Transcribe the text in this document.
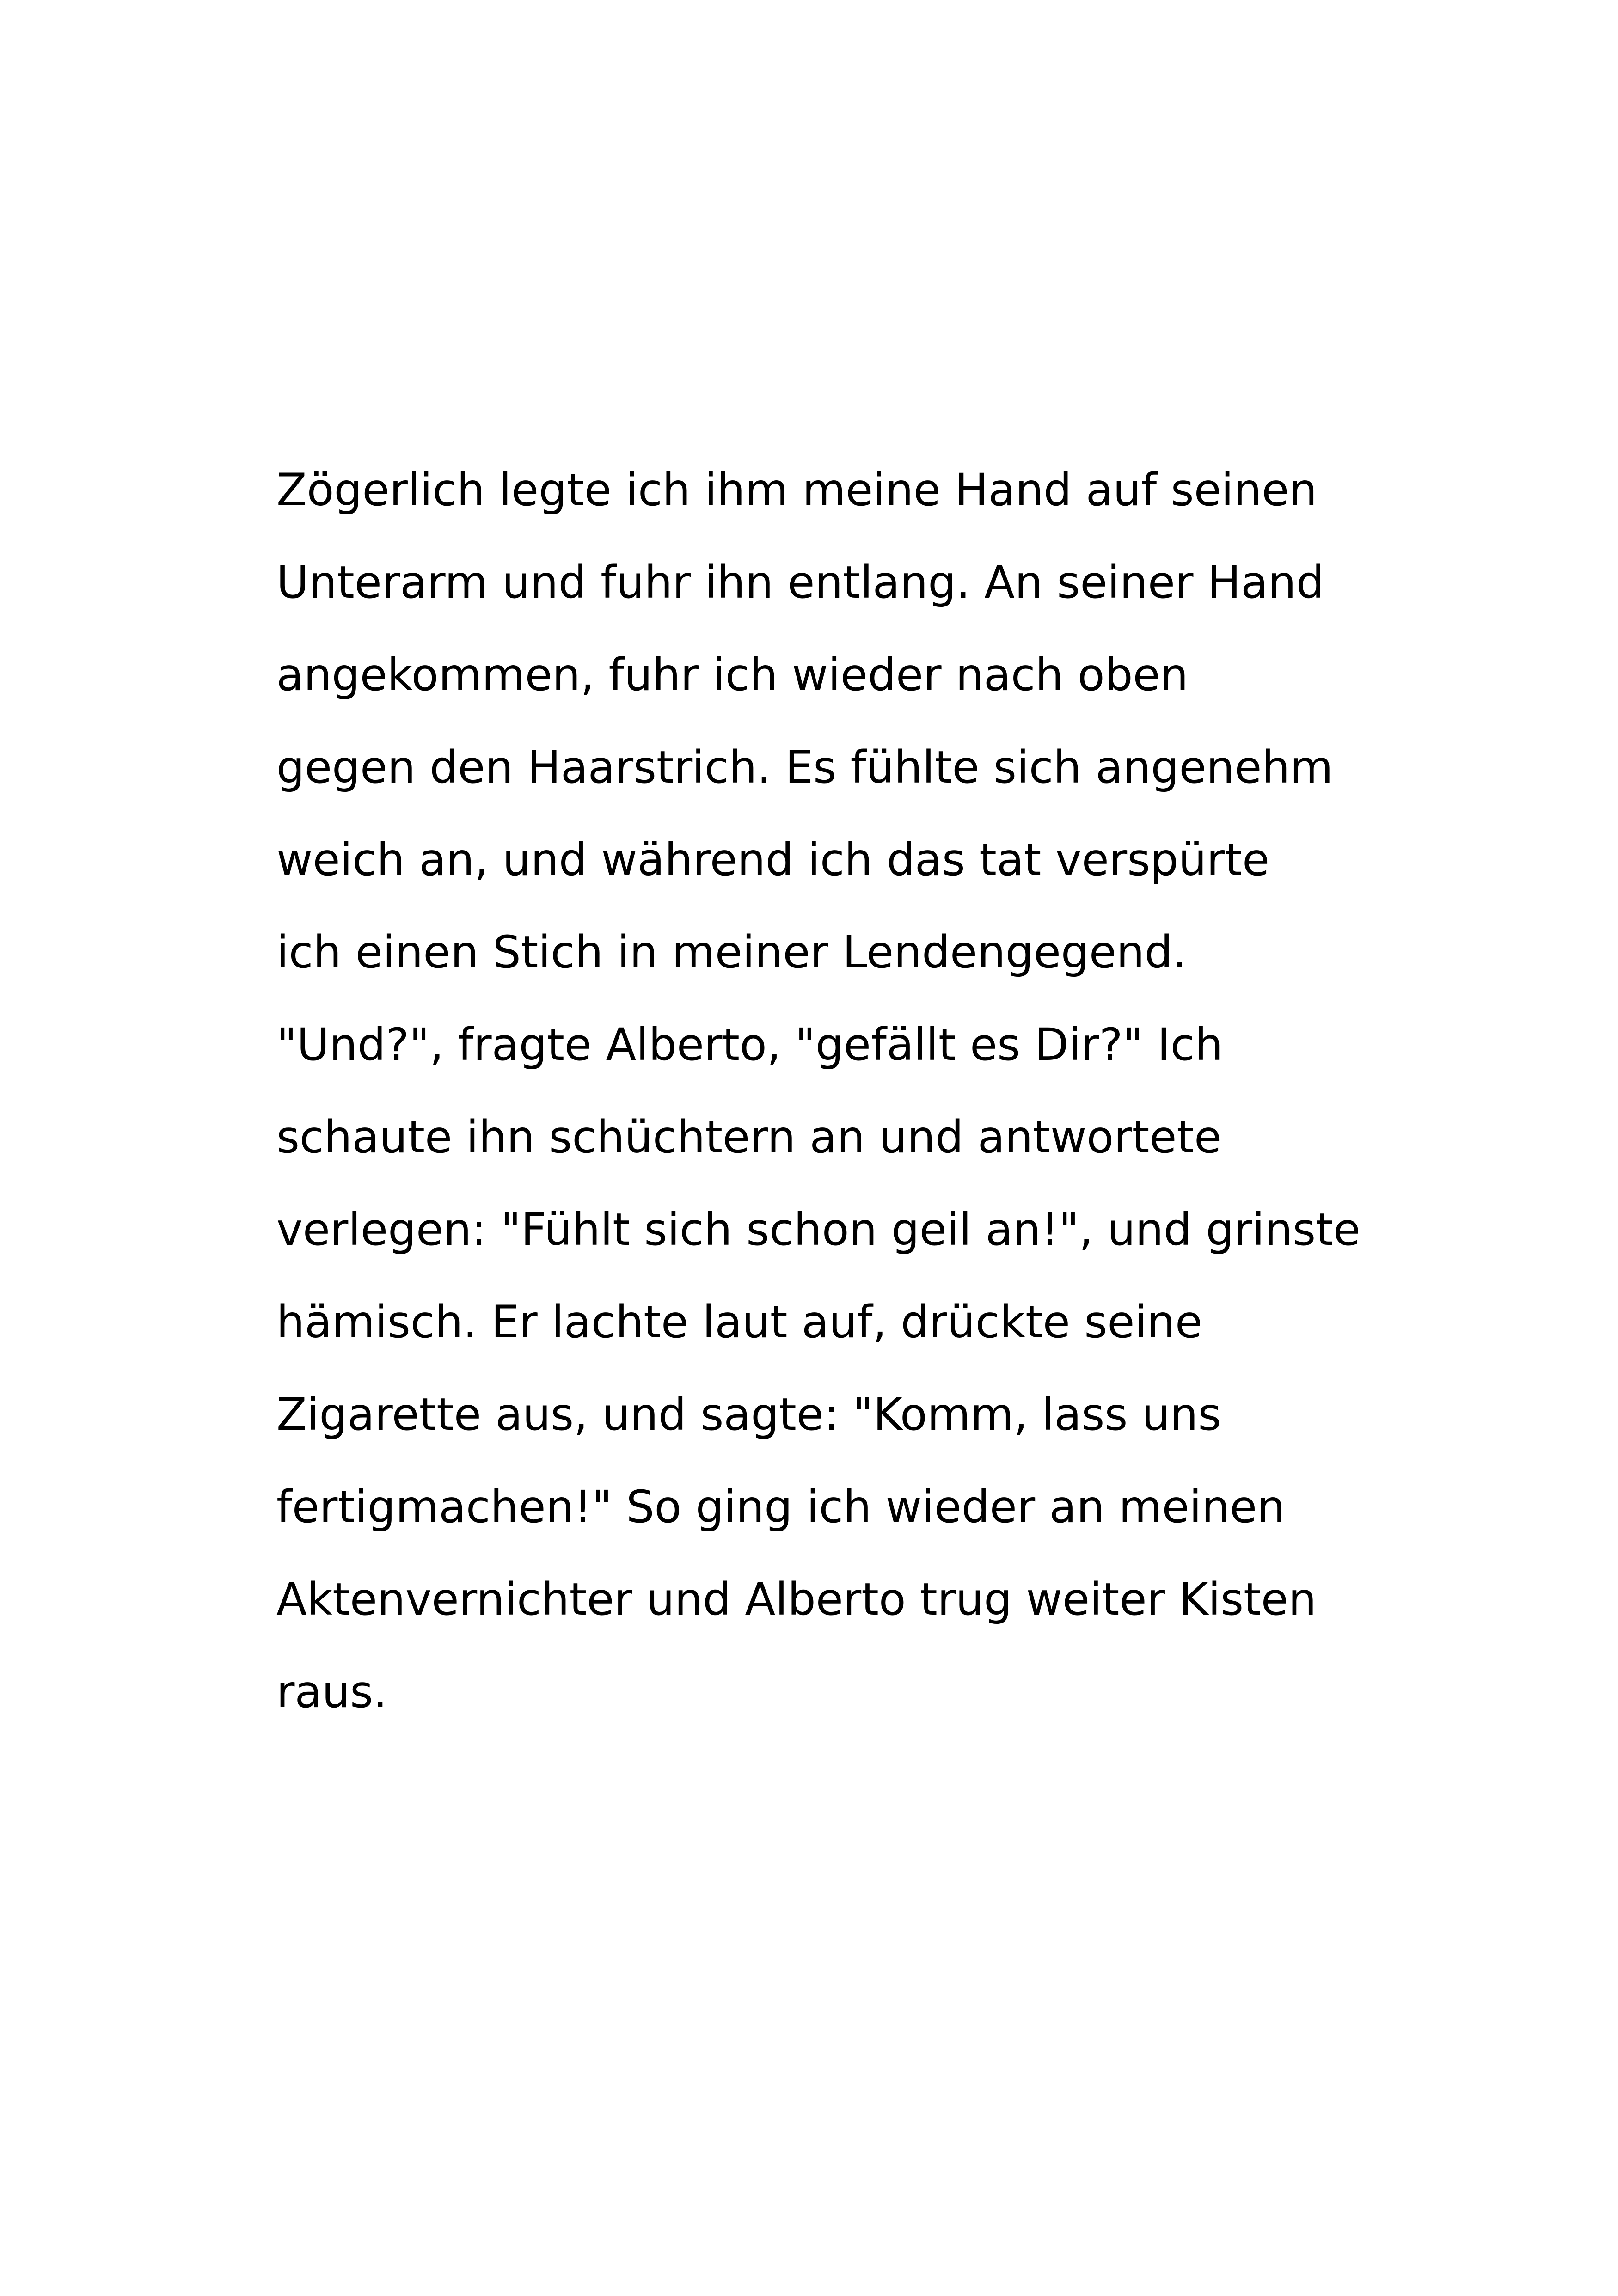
Zögerlich legte ich ihm meine Hand auf seinen
Unterarm und fuhr ihn entlang. An seiner Hand
angekommen, fuhr ich wieder nach oben
gegen den Haarstrich. Es fühlte sich angenehm
weich an, und während ich das tat verspürte
ich einen Stich in meiner Lendengegend.
"Und?", fragte Alberto, "gefällt es Dir?" Ich
schaute ihn schüchtern an und antwortete
verlegen: "Fühlt sich schon geil an!", und grinste
hämisch. Er lachte laut auf, drückte seine
Zigarette aus, und sagte: "Komm, lass uns
fertigmachen!" So ging ich wieder an meinen
Aktenvernichter und Alberto trug weiter Kisten
raus.
